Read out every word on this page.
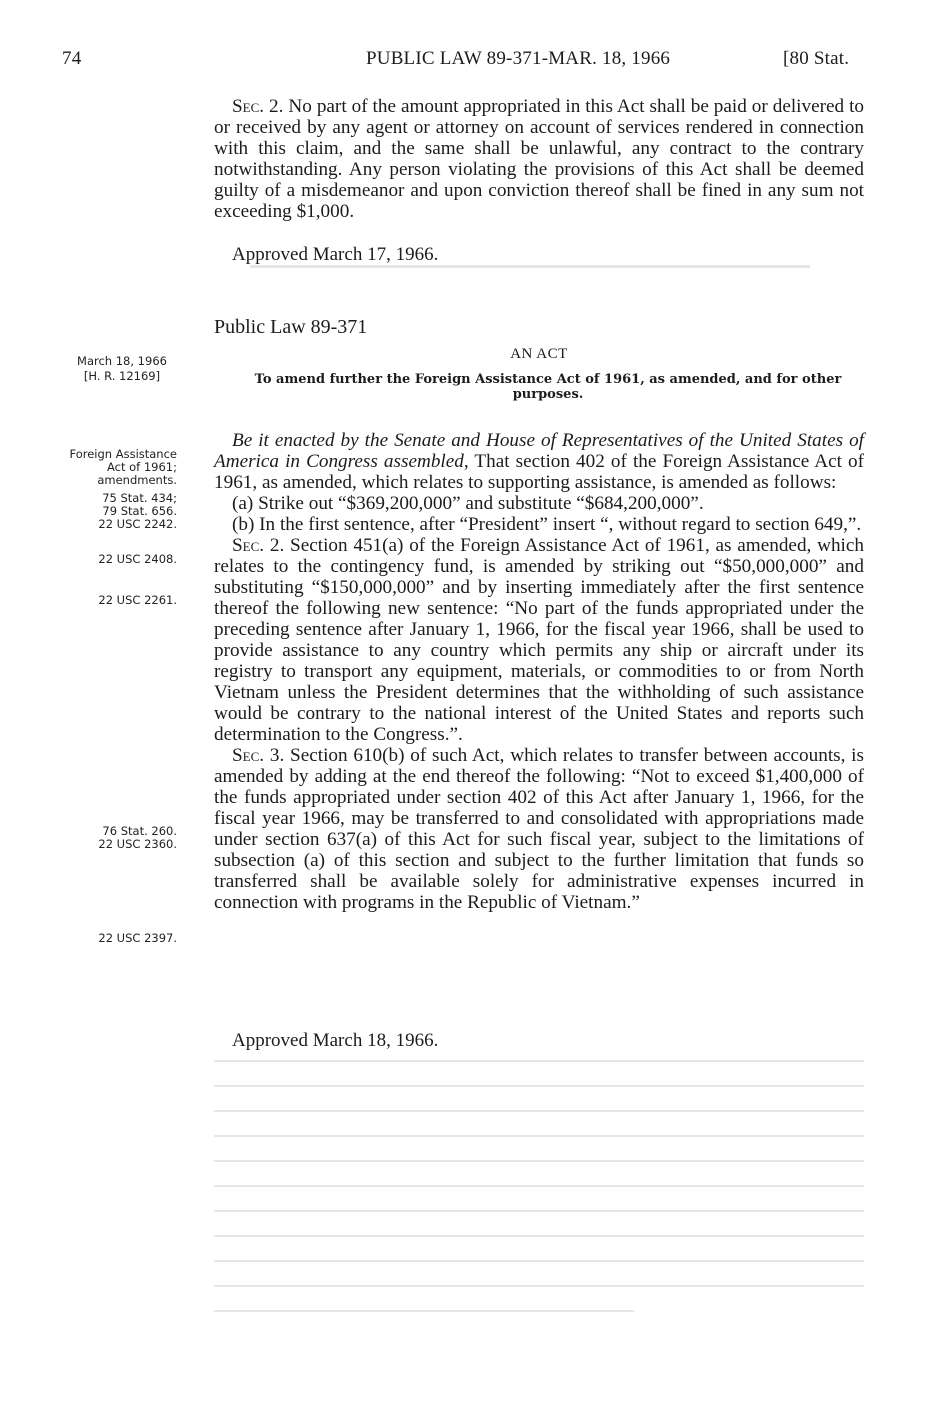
74	PUBLIC LAW 89-371-MAR. 18, 1966	[80 Stat.
Sec. 2. No part of the amount appropriated in this Act shall be paid or delivered to or received by any agent or attorney on account of services rendered in connection with this claim, and the same shall be unlawful, any contract to the contrary notwithstanding. Any person violating the provisions of this Act shall be deemed guilty of a misdemeanor and upon conviction thereof shall be fined in any sum not exceeding $1,000.
Approved March 17, 1966.
Public Law 89-371
AN ACT
To amend further the Foreign Assistance Act of 1961, as amended, and for other purposes.
Be it enacted by the Senate and House of Representatives of the United States of America in Congress assembled, That section 402 of the Foreign Assistance Act of 1961, as amended, which relates to supporting assistance, is amended as follows:
(a) Strike out “$369,200,000” and substitute “$684,200,000”.
(b) In the first sentence, after “President” insert “, without regard to section 649,”.
Sec. 2. Section 451(a) of the Foreign Assistance Act of 1961, as amended, which relates to the contingency fund, is amended by striking out “$50,000,000” and substituting “$150,000,000” and by inserting immediately after the first sentence thereof the following new sentence: “No part of the funds appropriated under the preceding sentence after January 1, 1966, for the fiscal year 1966, shall be used to provide assistance to any country which permits any ship or aircraft under its registry to transport any equipment, materials, or commodities to or from North Vietnam unless the President determines that the withholding of such assistance would be contrary to the national interest of the United States and reports such determination to the Congress.”.
Sec. 3. Section 610(b) of such Act, which relates to transfer between accounts, is amended by adding at the end thereof the following: “Not to exceed $1,400,000 of the funds appropriated under section 402 of this Act after January 1, 1966, for the fiscal year 1966, may be transferred to and consolidated with appropriations made under section 637(a) of this Act for such fiscal year, subject to the limitations of subsection (a) of this section and subject to the further limitation that funds so transferred shall be available solely for administrative expenses incurred in connection with programs in the Republic of Vietnam.”
Approved March 18, 1966.
March 18, 1966
[H. R. 12169]
Foreign Assistance Act of 1961; amendments.
75 Stat. 434;
79 Stat. 656.
22 USC 2242.
22 USC 2408.
22 USC 2261.
76 Stat. 260.
22 USC 2360.
22 USC 2397.
